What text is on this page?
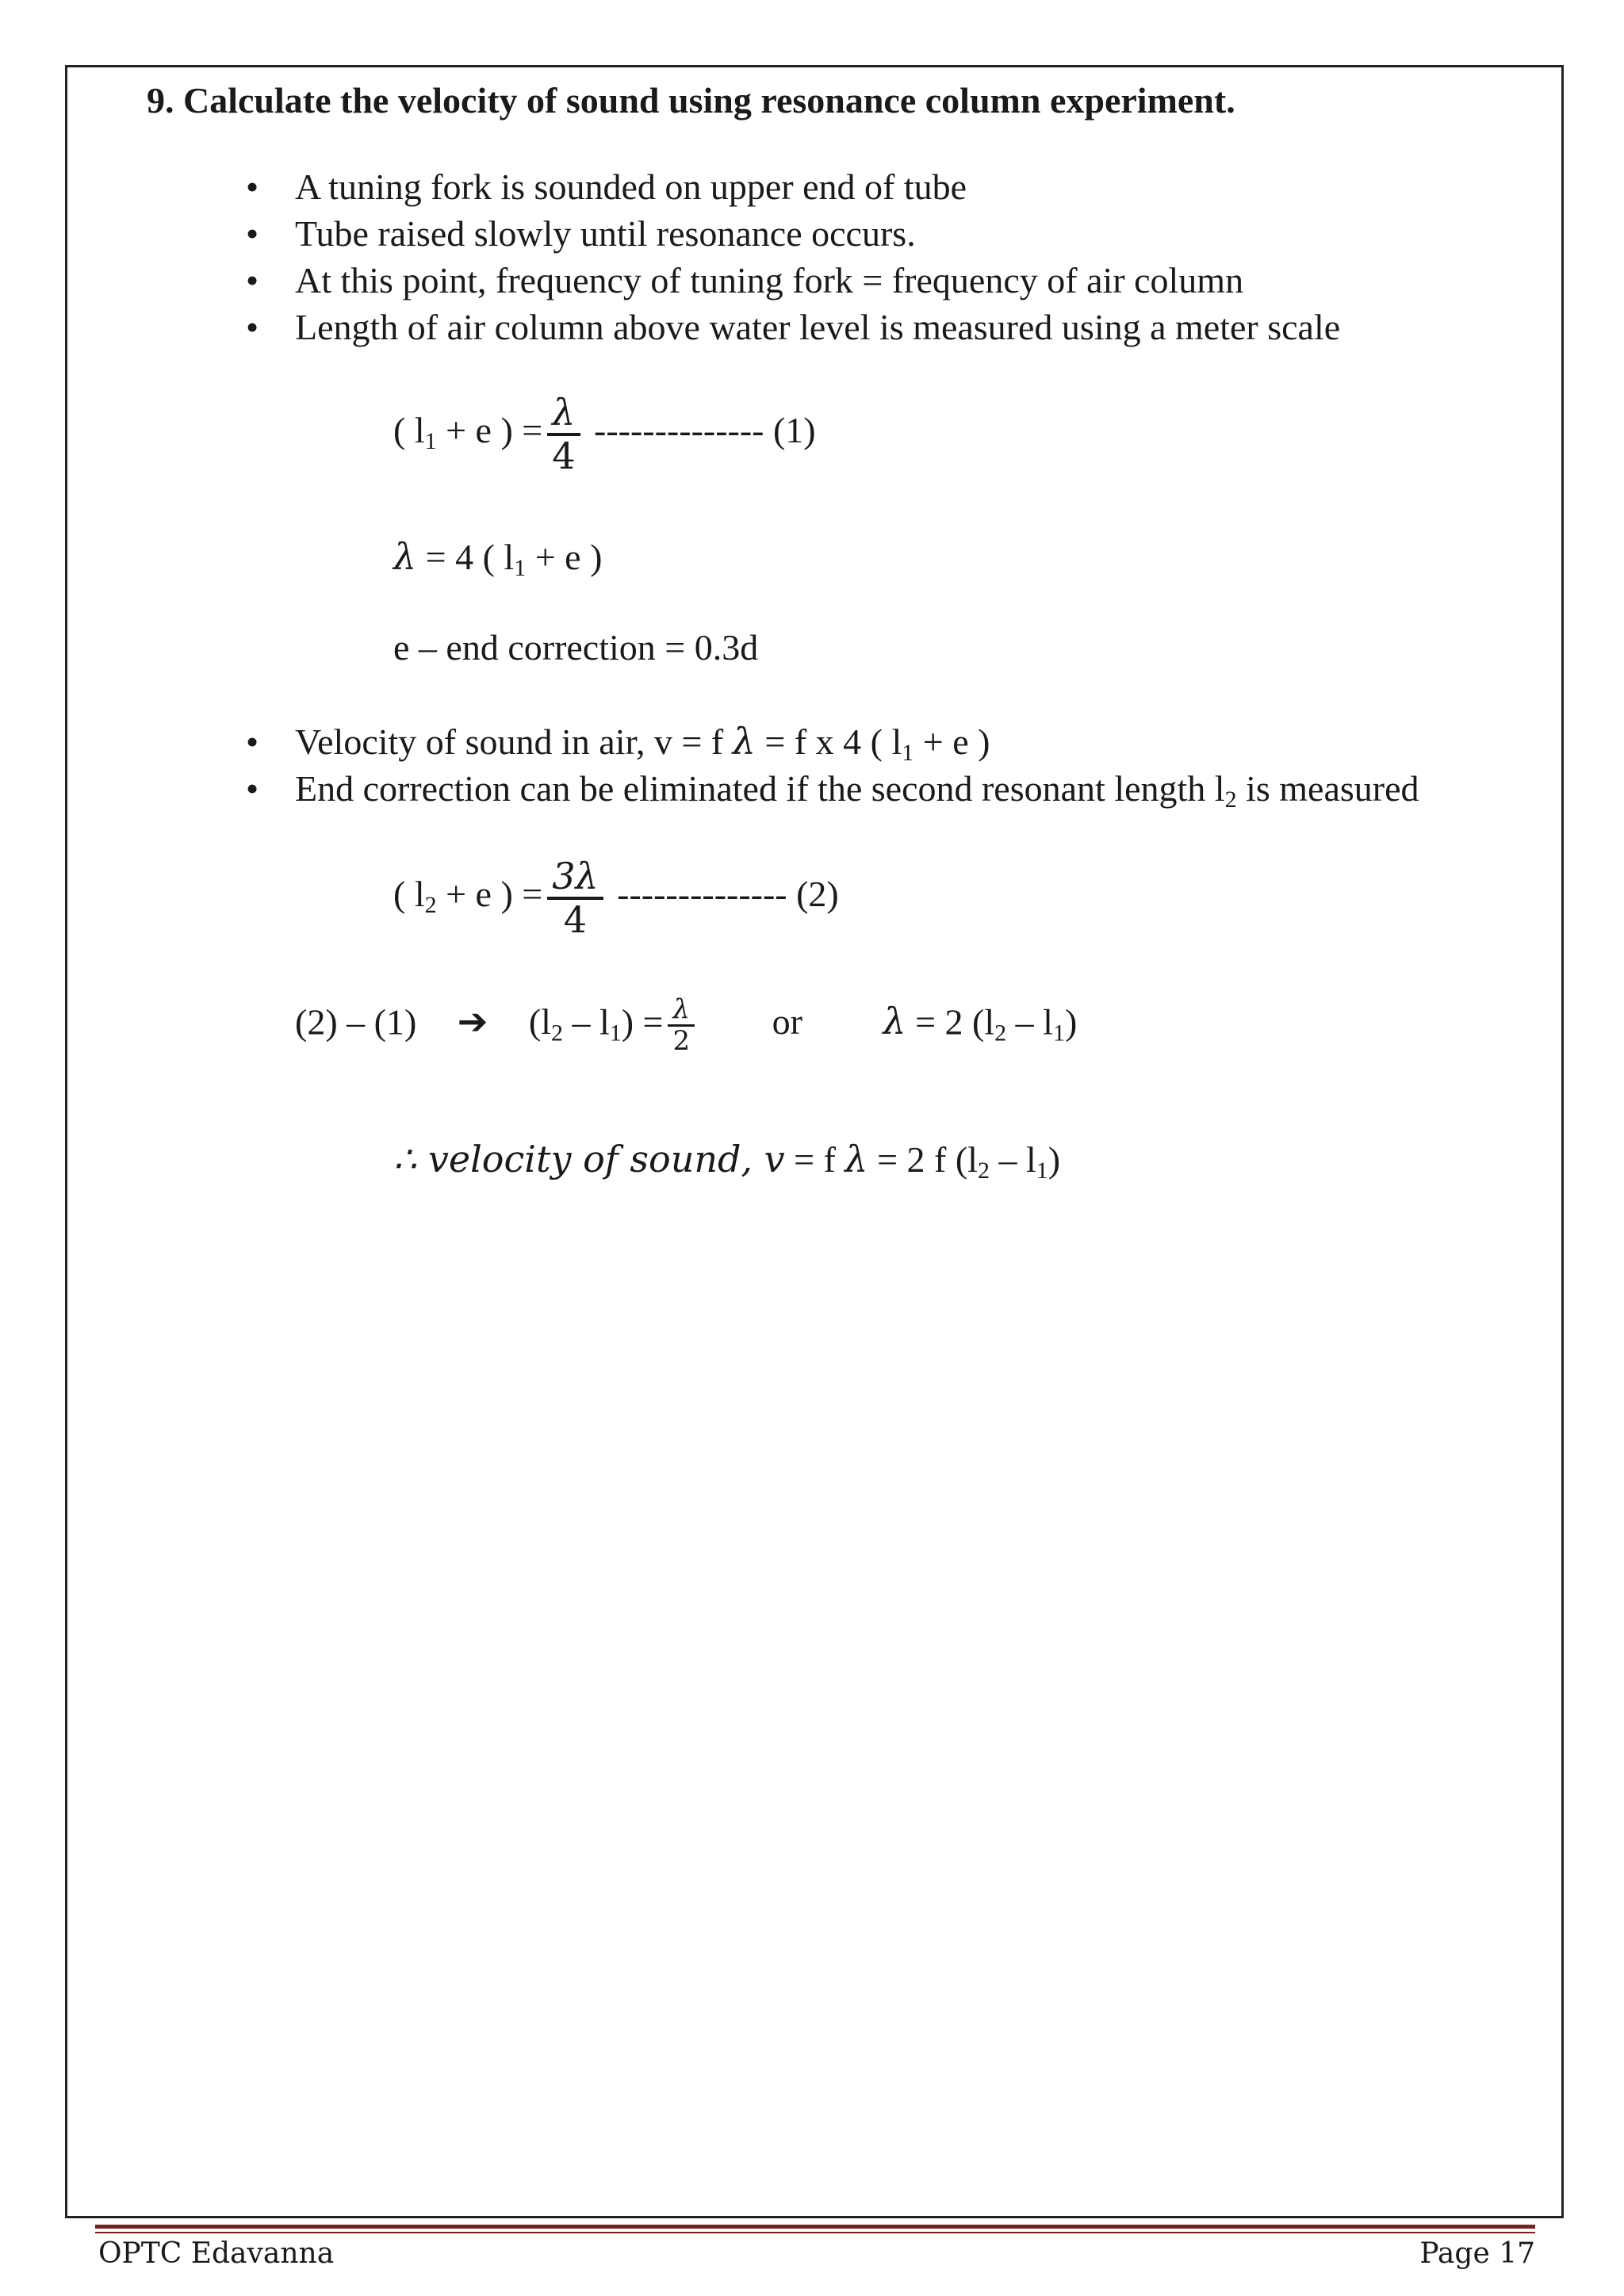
9. Calculate the velocity of sound using resonance column experiment.
• A tuning fork is sounded on upper end of tube
• Tube raised slowly until resonance occurs.
• At this point, frequency of tuning fork = frequency of air column
• Length of air column above water level is measured using a meter scale
( $l_1 + e$ ) = $\frac{\lambda}{4}$ -------------- (1)
λ = 4 ( $l_1 + e$ )
e – end correction = 0.3d
• Velocity of sound in air, v = f λ = f x 4 ( $l_1 + e$ )
• End correction can be eliminated if the second resonant length $l_2$ is measured
( $l_2 + e$ ) = $\frac{3\lambda}{4}$ -------------- (2)
(2) – (1) ➔ $(l_2 - l_1) = \frac{\lambda}{2}$ or λ = 2 $(l_2 - l_1)$
∴ velocity of sound, v = f λ = 2 f $(l_2 - l_1)$
OPTC Edavanna	Page 17
